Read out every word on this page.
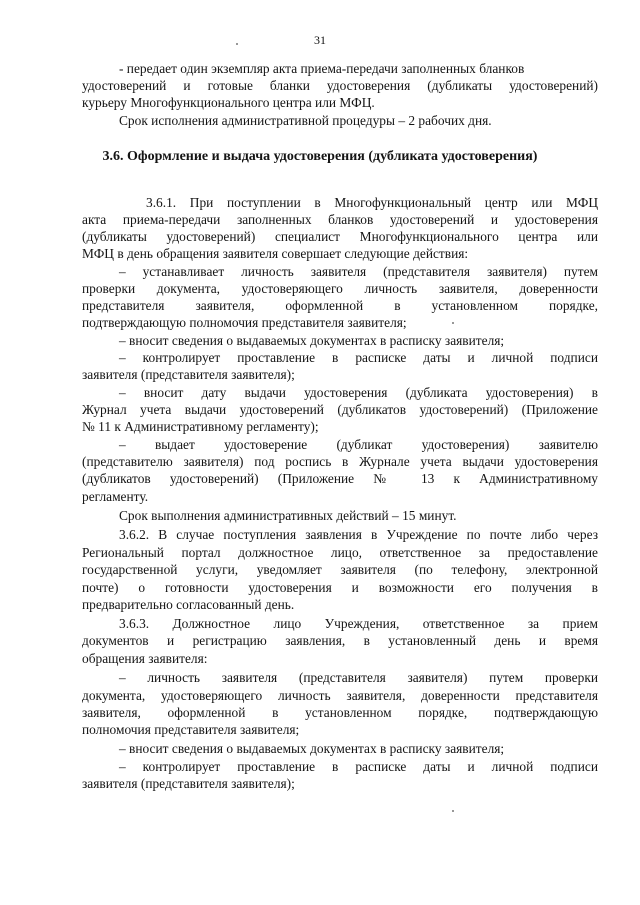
31
- передает один экземпляр акта приема-передачи заполненных бланков
удостоверений и готовые бланки удостоверения (дубликаты удостоверений)
курьеру Многофункционального центра или МФЦ.
Срок исполнения административной процедуры – 2 рабочих дня.
3.6. Оформление и выдача удостоверения (дубликата удостоверения)
3.6.1. При поступлении в Многофункциональный центр или МФЦ
акта приема-передачи заполненных бланков удостоверений и удостоверения
(дубликаты удостоверений) специалист Многофункционального центра или
МФЦ в день обращения заявителя совершает следующие действия:
– устанавливает личность заявителя (представителя заявителя) путем
проверки документа, удостоверяющего личность заявителя, доверенности
представителя заявителя, оформленной в установленном порядке,
подтверждающую полномочия представителя заявителя;
– вносит сведения о выдаваемых документах в расписку заявителя;
– контролирует проставление в расписке даты и личной подписи
заявителя (представителя заявителя);
– вносит дату выдачи удостоверения (дубликата удостоверения) в
Журнал учета выдачи удостоверений (дубликатов удостоверений) (Приложение
№ 11 к Административному регламенту);
– выдает удостоверение (дубликат удостоверения) заявителю
(представителю заявителя) под роспись в Журнале учета выдачи удостоверения
(дубликатов удостоверений) (Приложение № 13 к Административному
регламенту.
Срок выполнения административных действий – 15 минут.
3.6.2. В случае поступления заявления в Учреждение по почте либо через
Региональный портал должностное лицо, ответственное за предоставление
государственной услуги, уведомляет заявителя (по телефону, электронной
почте) о готовности удостоверения и возможности его получения в
предварительно согласованный день.
3.6.3. Должностное лицо Учреждения, ответственное за прием
документов и регистрацию заявления, в установленный день и время
обращения заявителя:
– личность заявителя (представителя заявителя) путем проверки
документа, удостоверяющего личность заявителя, доверенности представителя
заявителя, оформленной в установленном порядке, подтверждающую
полномочия представителя заявителя;
– вносит сведения о выдаваемых документах в расписку заявителя;
– контролирует проставление в расписке даты и личной подписи
заявителя (представителя заявителя);
